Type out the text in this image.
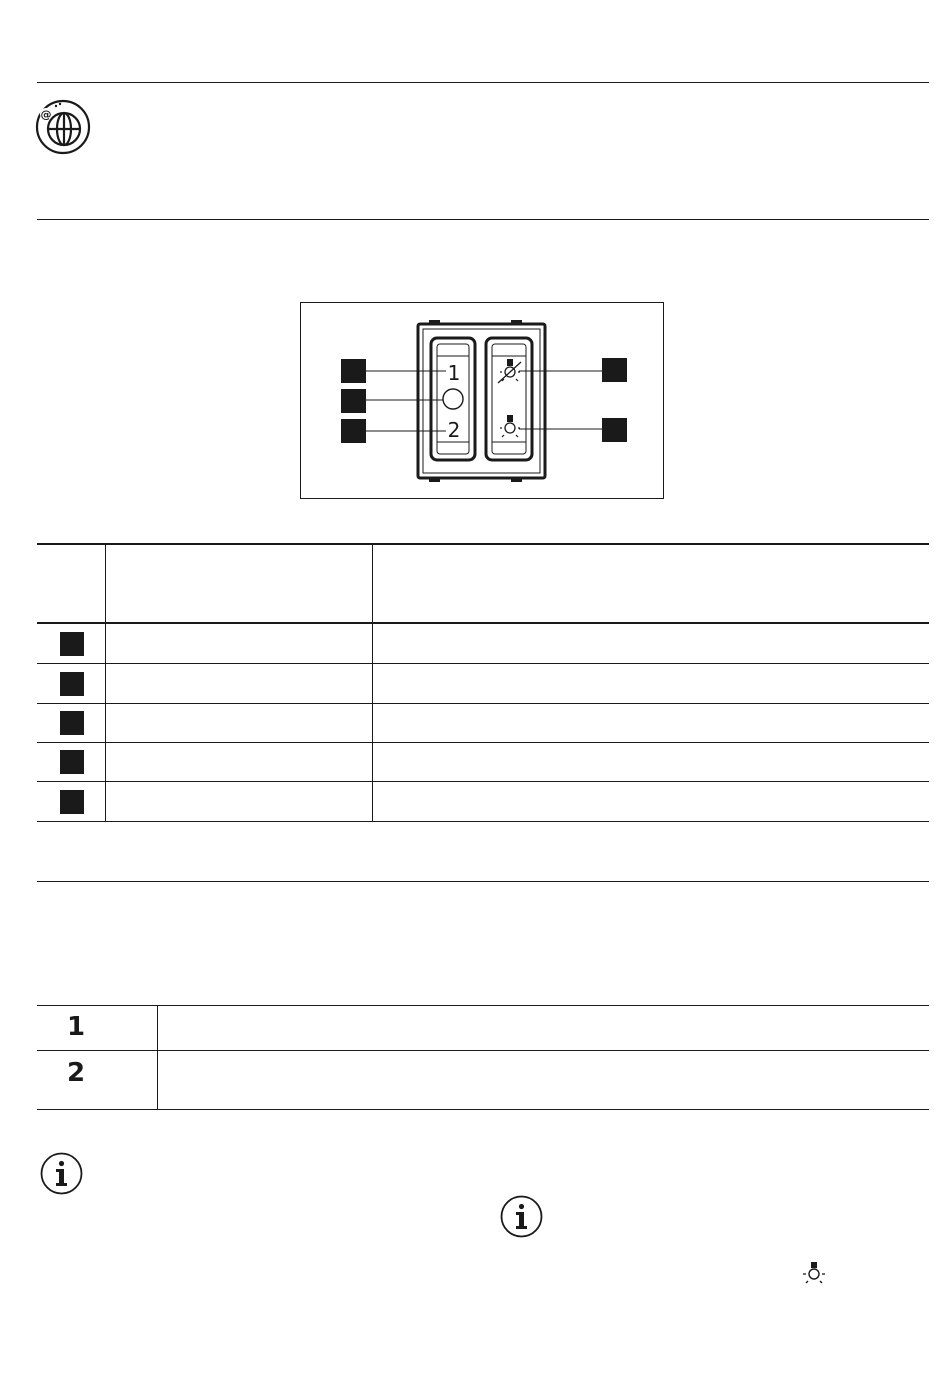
@
1
2
1
2
